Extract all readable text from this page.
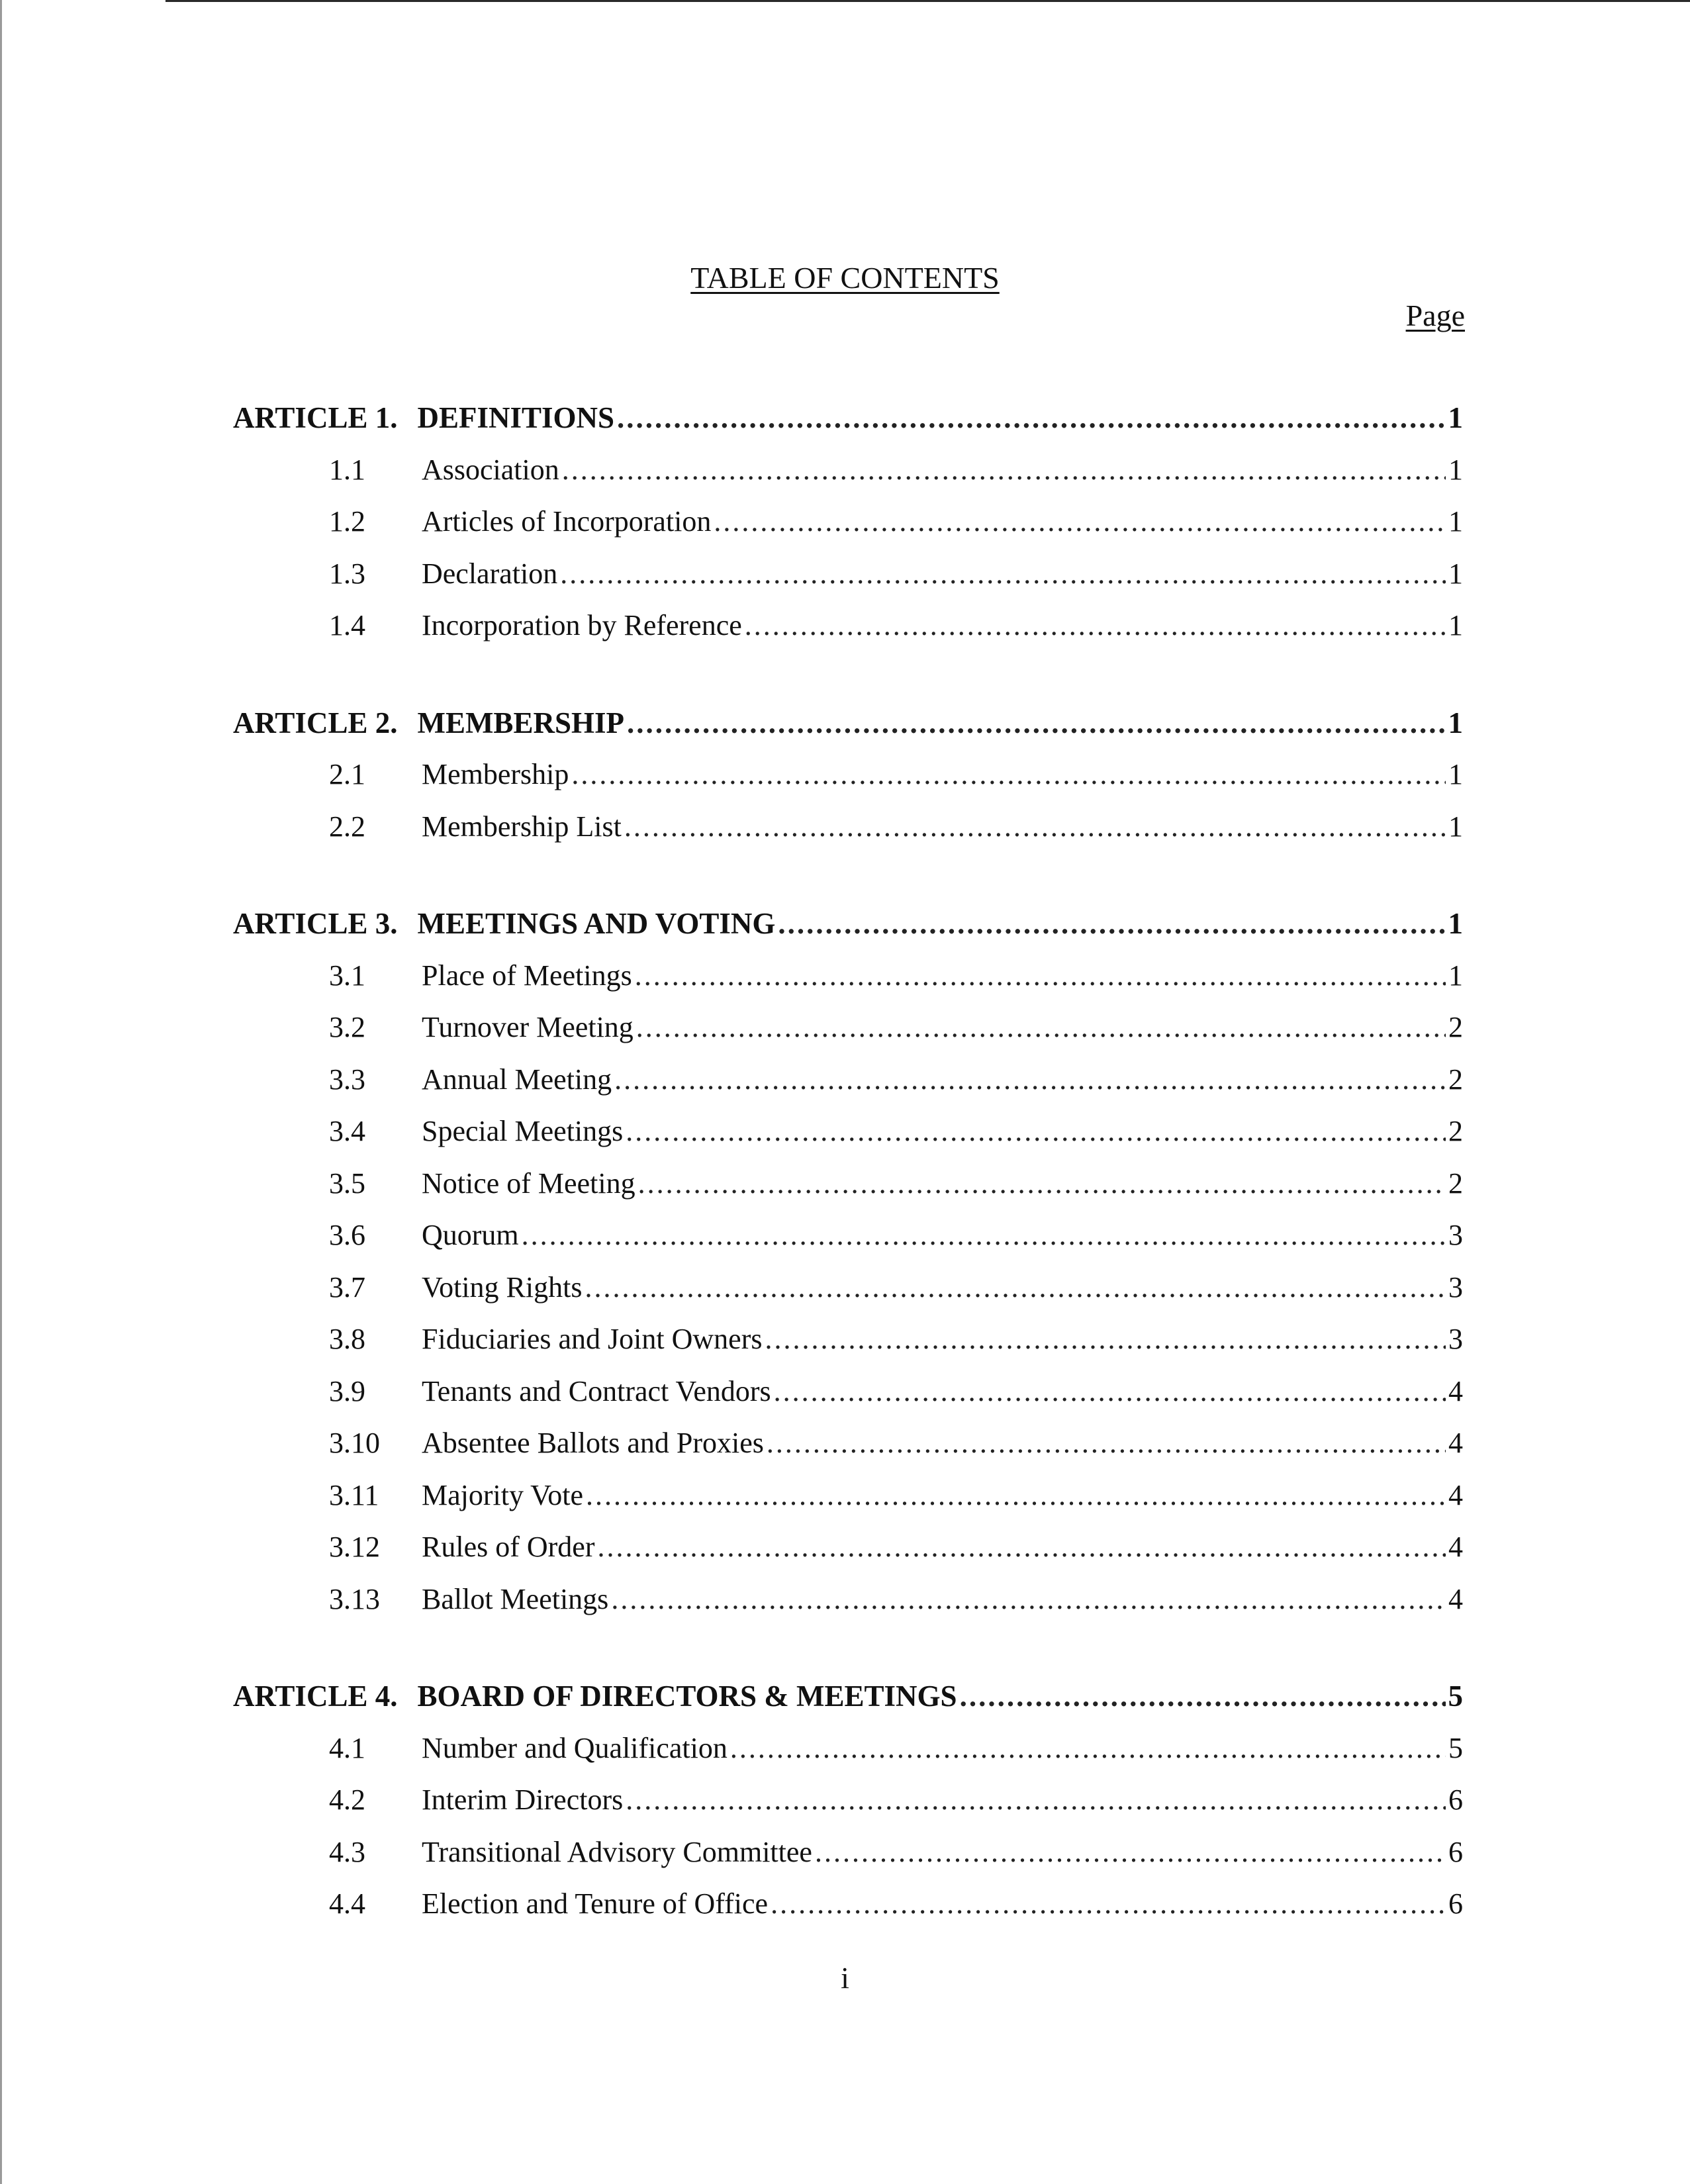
TABLE OF CONTENTS
Page
ARTICLE 1. DEFINITIONS .....	1
1.1	Association .....	1
1.2	Articles of Incorporation .....	1
1.3	Declaration .....	1
1.4	Incorporation by Reference .....	1
ARTICLE 2. MEMBERSHIP .....	1
2.1	Membership .....	1
2.2	Membership List .....	1
ARTICLE 3. MEETINGS AND VOTING .....	1
3.1	Place of Meetings .....	1
3.2	Turnover Meeting .....	2
3.3	Annual Meeting .....	2
3.4	Special Meetings .....	2
3.5	Notice of Meeting .....	2
3.6	Quorum .....	3
3.7	Voting Rights .....	3
3.8	Fiduciaries and Joint Owners .....	3
3.9	Tenants and Contract Vendors .....	4
3.10	Absentee Ballots and Proxies .....	4
3.11	Majority Vote .....	4
3.12	Rules of Order .....	4
3.13	Ballot Meetings .....	4
ARTICLE 4. BOARD OF DIRECTORS & MEETINGS .....	5
4.1	Number and Qualification .....	5
4.2	Interim Directors .....	6
4.3	Transitional Advisory Committee .....	6
4.4	Election and Tenure of Office .....	6
i
